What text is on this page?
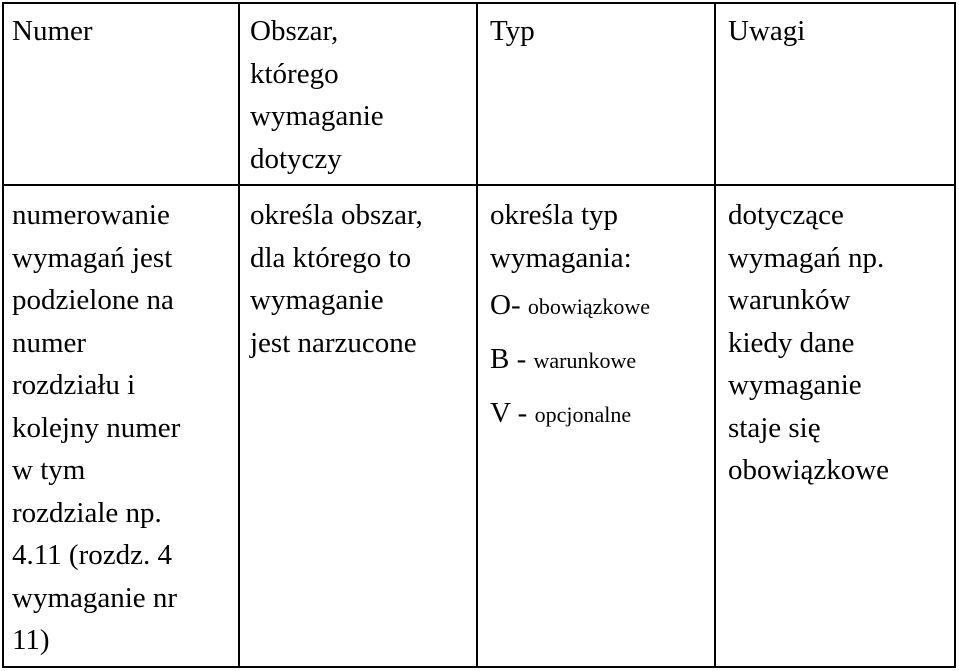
Numer	Obszar,
którego
wymaganie
dotyczy
Typ	Uwagi
numerowanie
wymagań jest
podzielone na
numer
rozdziału i
kolejny numer
w tym
rozdziale np.
4.11 (rozdz. 4
wymaganie nr
11)
określa obszar,
dla którego to
wymaganie
jest narzucone
określa typ
wymagania:
O- obowiązkowe
B - warunkowe
V - opcjonalne
dotyczące
wymagań np.
warunków
kiedy dane
wymaganie
staje się
obowiązkowe
